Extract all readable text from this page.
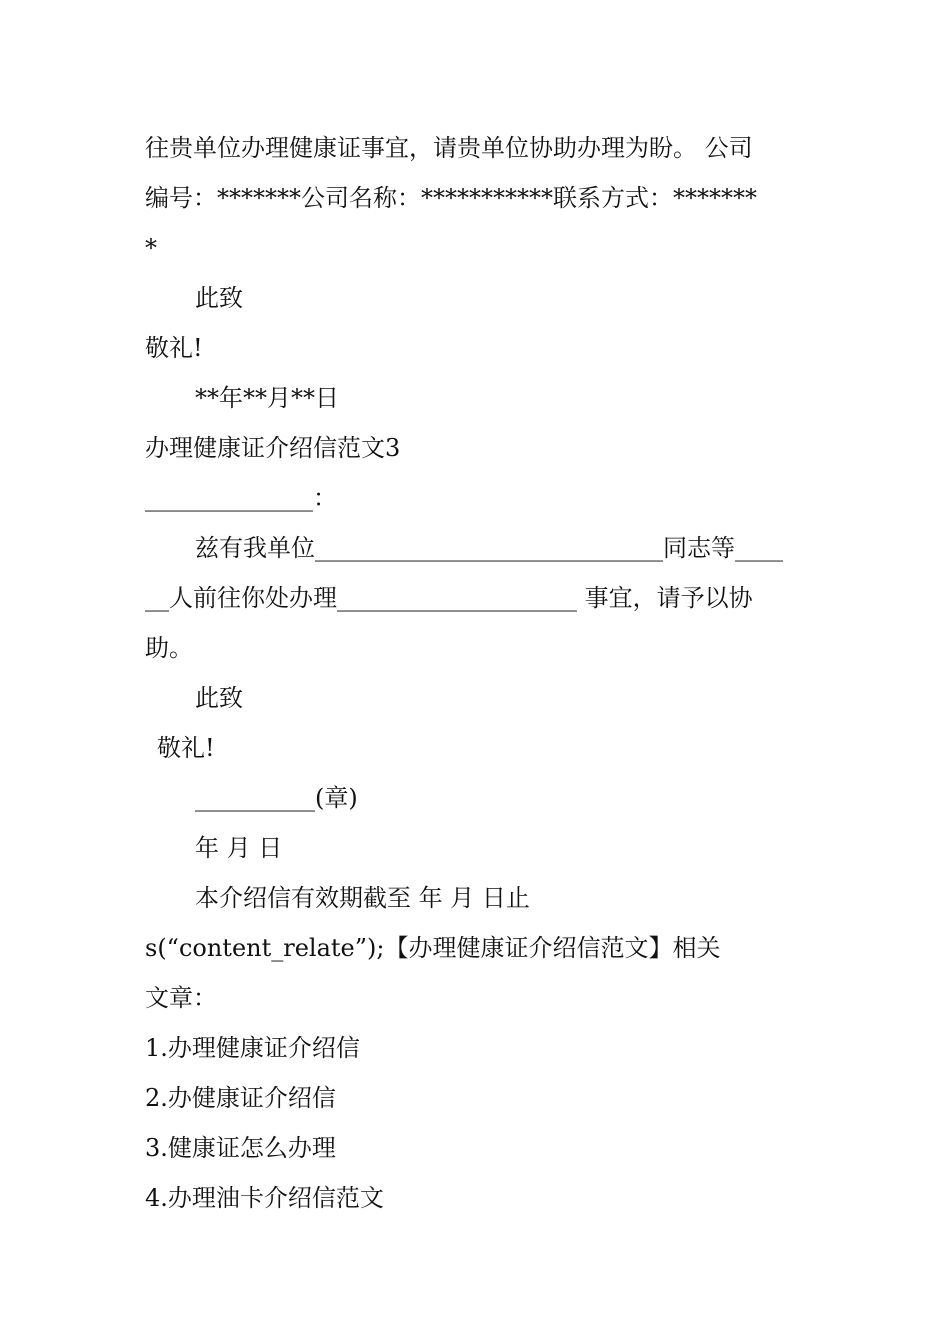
往贵单位办理健康证事宜，请贵单位协助办理为盼。 公司
编号：*******公司名称：***********联系方式：*******
*
此致
敬礼!
**年**月**日
办理健康证介绍信范文3
______________：
兹有我单位_____________________________同志等____
__人前往你处办理____________________ 事宜，请予以协
助。
此致
敬礼!
__________(章)
年 月 日
本介绍信有效期截至 年 月 日止
s(“content_relate”);【办理健康证介绍信范文】相关
文章：
1.办理健康证介绍信
2.办健康证介绍信
3.健康证怎么办理
4.办理油卡介绍信范文
